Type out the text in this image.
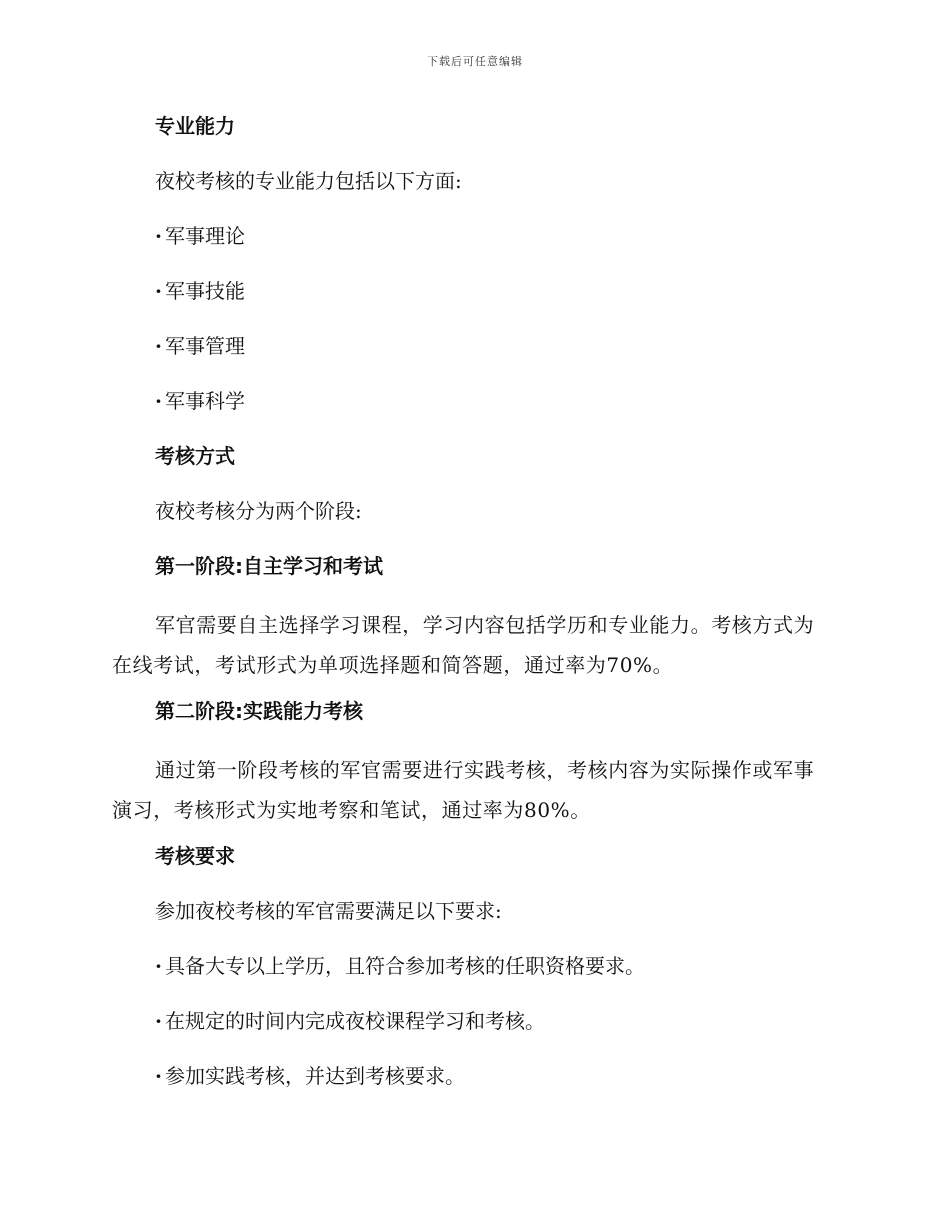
下载后可任意编辑
专业能力

夜校考核的专业能力包括以下方面:

· 军事理论

· 军事技能

· 军事管理

· 军事科学

考核方式

夜校考核分为两个阶段:

第一阶段:自主学习和考试

军官需要自主选择学习课程，学习内容包括学历和专业能力。考核方式为在线考试，考试形式为单项选择题和简答题，通过率为70%。

第二阶段:实践能力考核

通过第一阶段考核的军官需要进行实践考核，考核内容为实际操作或军事演习，考核形式为实地考察和笔试，通过率为80%。

考核要求

参加夜校考核的军官需要满足以下要求:

· 具备大专以上学历，且符合参加考核的任职资格要求。

· 在规定的时间内完成夜校课程学习和考核。

· 参加实践考核，并达到考核要求。
